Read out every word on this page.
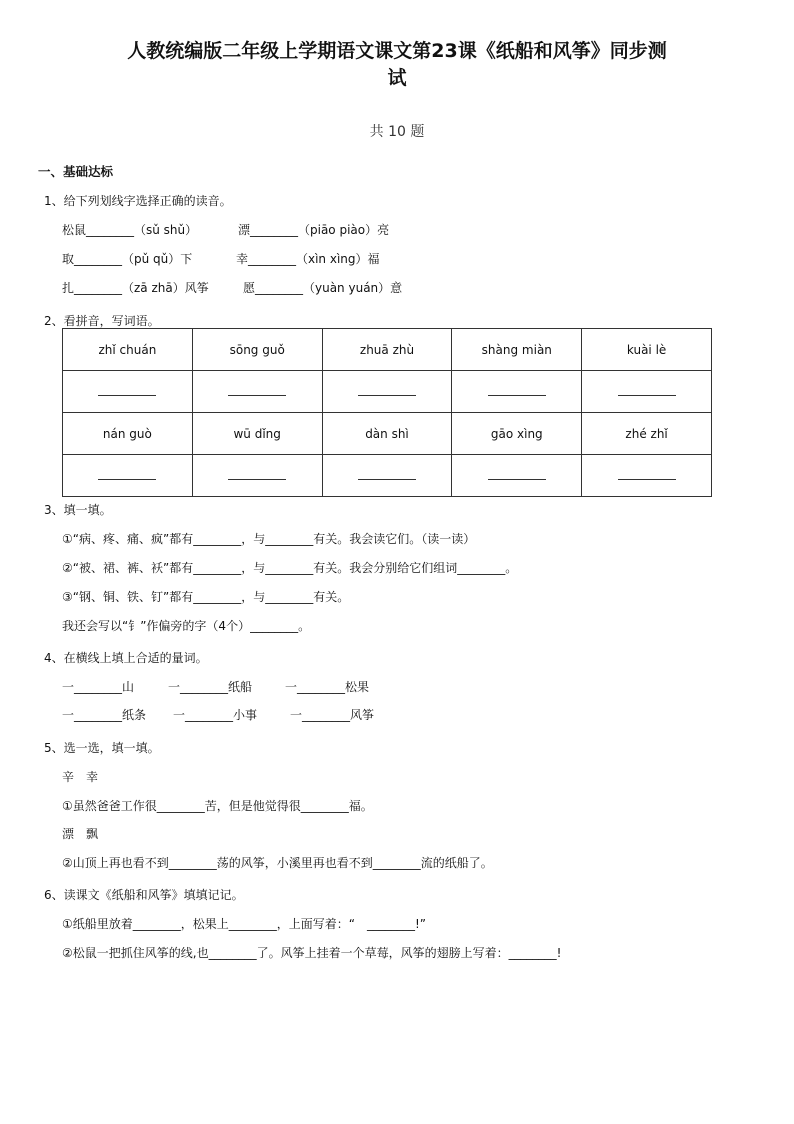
人教统编版二年级上学期语文课文第23课《纸船和风筝》同步测
试
共 10 题
一、基础达标
1、给下列划线字选择正确的读音。
松鼠________（sǔ shǔ）	漂________（piāo piào）亮
取________（pǔ qǔ）下	幸________（xìn xìng）福
扎________（zā zhā）风筝	愿________（yuàn yuán）意
2、看拼音，写词语。
zhǐ chuán	sōng guǒ	zhuā zhù	shàng miàn	kuài lè

nán guò	wū dǐng	dàn shì	gāo xìng	zhé zhǐ

3、填一填。
①“病、疼、痛、疯”都有________，与________有关。我会读它们。（读一读）
②“被、裙、裤、袄”都有________，与________有关。我会分别给它们组词________。
③“钢、铜、铁、钉”都有________，与________有关。
我还会写以“钅”作偏旁的字（4个）________。
4、在横线上填上合适的量词。
一________山	一________纸船	一________松果
一________纸条 一________小事	一________风筝
5、选一选，填一填。
辛　幸
①虽然爸爸工作很________苦，但是他觉得很________福。
漂　飘
②山顶上再也看不到________荡的风筝，小溪里再也看不到________流的纸船了。
6、读课文《纸船和风筝》填填记记。
①纸船里放着________，松果上________，上面写着：“　________!”
②松鼠一把抓住风筝的线,也________了。风筝上挂着一个草莓，风筝的翅膀上写着：________!
